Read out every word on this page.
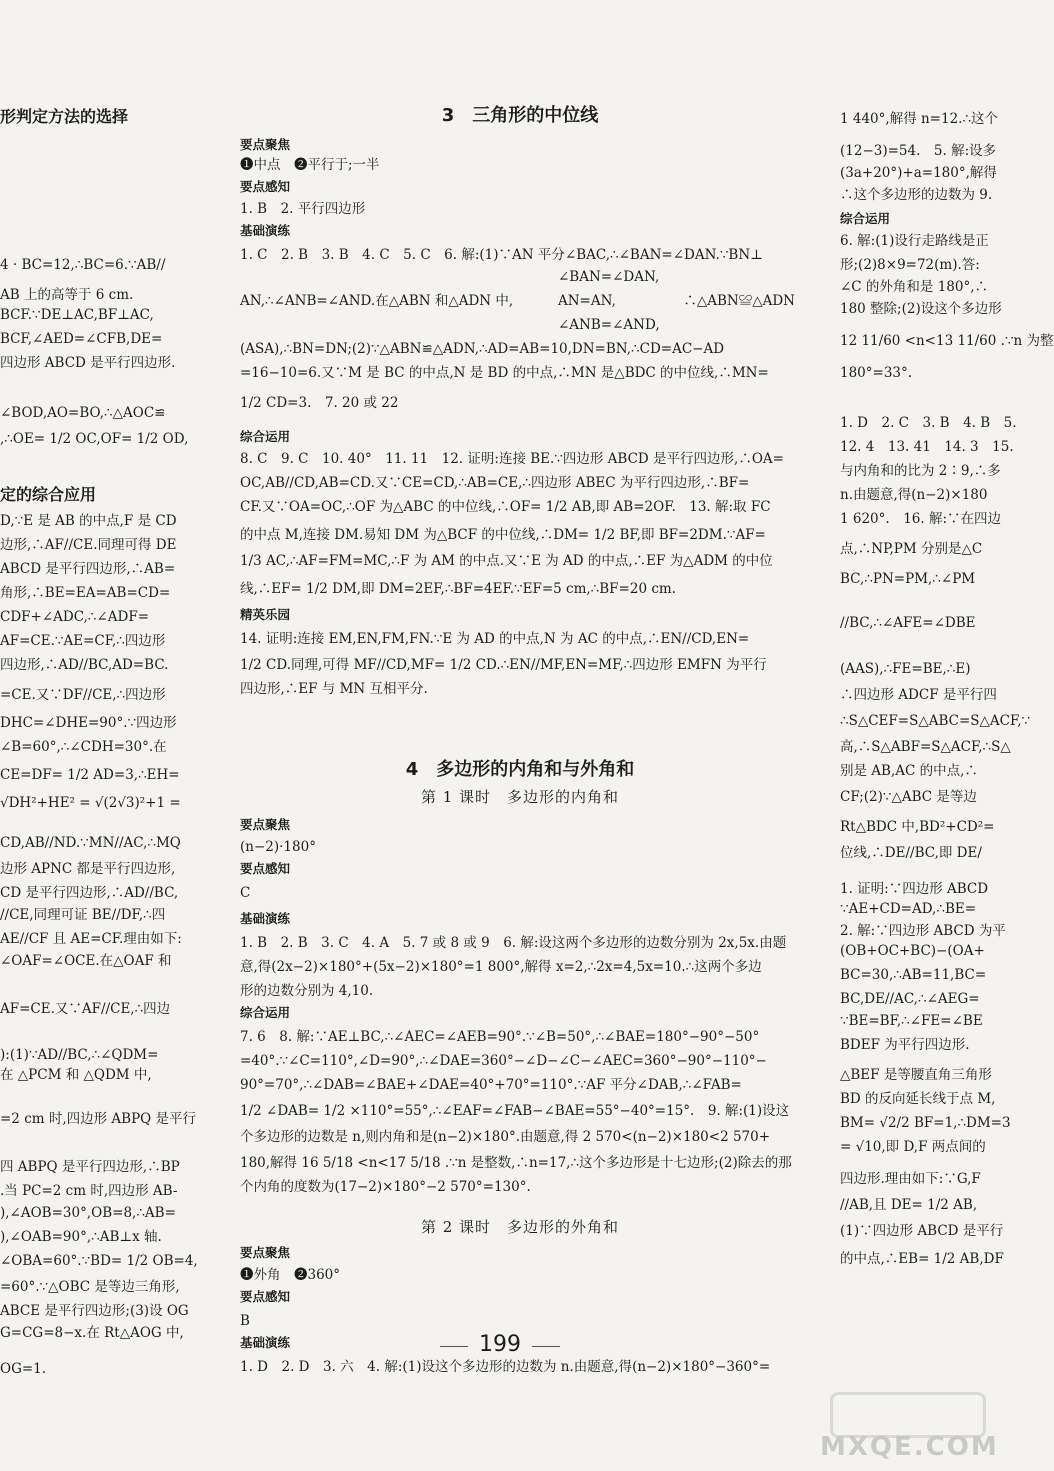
形判定方法的选择
4 · BC=12,∴BC=6.∵AB//
AB 上的高等于 6 cm.
BCF.∵DE⊥AC,BF⊥AC,
BCF,∠AED=∠CFB,DE=
四边形 ABCD 是平行四边形.
∠BOD,AO=BO,∴△AOC≌
,∴OE= 1/2 OC,OF= 1/2 OD,
定的综合应用
D,∵E 是 AB 的中点,F 是 CD
边形,∴AF//CE.同理可得 DE
ABCD 是平行四边形,∴AB=
角形,∴BE=EA=AB=CD=
CDF+∠ADC,∴∠ADF=
AF=CE.∵AE=CF,∴四边形
四边形,∴AD//BC,AD=BC.
=CE.又∵DF//CE,∴四边形
DHC=∠DHE=90°.∵四边形
∠B=60°,∴∠CDH=30°.在
CE=DF= 1/2 AD=3,∴EH=
√DH²+HE² = √(2√3)²+1 =
CD,AB//ND.∵MN//AC,∴MQ
边形 APNC 都是平行四边形,
CD 是平行四边形,∴AD//BC,
//CE,同理可证 BE//DF,∴四
AE//CF 且 AE=CF.理由如下:
∠OAF=∠OCE.在△OAF 和
AF=CE.又∵AF//CE,∴四边
):(1)∵AD//BC,∴∠QDM=
在 △PCM 和 △QDM 中,
=2 cm 时,四边形 ABPQ 是平行
四 ABPQ 是平行四边形,∴BP
.当 PC=2 cm 时,四边形 AB-
),∠AOB=30°,OB=8,∴AB=
),∠OAB=90°,∴AB⊥x 轴.
∠OBA=60°.∵BD= 1/2 OB=4,
=60°.∵△OBC 是等边三角形,
ABCE 是平行四边形;(3)设 OG
G=CG=8−x.在 Rt△AOG 中,
OG=1.
3　三角形的中位线
要点聚焦
❶中点　❷平行于;一半
要点感知
1. B　2. 平行四边形
基础演练
1. C　2. B　3. B　4. C　5. C　6. 解:(1)∵AN 平分∠BAC,∴∠BAN=∠DAN.∵BN⊥
∠BAN=∠DAN,
AN,∴∠ANB=∠AND.在△ABN 和△ADN 中,	AN=AN,　　　　　∴△ABN≌△ADN
∠ANB=∠AND,
(ASA),∴BN=DN;(2)∵△ABN≌△ADN,∴AD=AB=10,DN=BN,∴CD=AC−AD
=16−10=6.又∵M 是 BC 的中点,N 是 BD 的中点,∴MN 是△BDC 的中位线,∴MN=
1/2 CD=3.　7. 20 或 22
综合运用
8. C　9. C　10. 40°　11. 11　12. 证明:连接 BE.∵四边形 ABCD 是平行四边形,∴OA=
OC,AB//CD,AB=CD.又∵CE=CD,∴AB=CE,∴四边形 ABEC 为平行四边形,∴BF=
CF.又∵OA=OC,∴OF 为△ABC 的中位线,∴OF= 1/2 AB,即 AB=2OF.　13. 解:取 FC
的中点 M,连接 DM.易知 DM 为△BCF 的中位线,∴DM= 1/2 BF,即 BF=2DM.∵AF=
1/3 AC,∴AF=FM=MC,∴F 为 AM 的中点.又∵E 为 AD 的中点,∴EF 为△ADM 的中位
线,∴EF= 1/2 DM,即 DM=2EF,∴BF=4EF.∵EF=5 cm,∴BF=20 cm.
精英乐园
14. 证明:连接 EM,EN,FM,FN.∵E 为 AD 的中点,N 为 AC 的中点,∴EN//CD,EN=
1/2 CD.同理,可得 MF//CD,MF= 1/2 CD.∴EN//MF,EN=MF,∴四边形 EMFN 为平行
四边形,∴EF 与 MN 互相平分.
4　多边形的内角和与外角和
第 1 课时　多边形的内角和
要点聚焦
(n−2)·180°
要点感知
C
基础演练
1. B　2. B　3. C　4. A　5. 7 或 8 或 9　6. 解:设这两个多边形的边数分别为 2x,5x.由题
意,得(2x−2)×180°+(5x−2)×180°=1 800°,解得 x=2,∴2x=4,5x=10.∴这两个多边
形的边数分别为 4,10.
综合运用
7. 6　8. 解:∵AE⊥BC,∴∠AEC=∠AEB=90°.∵∠B=50°,∴∠BAE=180°−90°−50°
=40°.∵∠C=110°,∠D=90°,∴∠DAE=360°−∠D−∠C−∠AEC=360°−90°−110°−
90°=70°,∴∠DAB=∠BAE+∠DAE=40°+70°=110°.∵AF 平分∠DAB,∴∠FAB=
1/2 ∠DAB= 1/2 ×110°=55°,∴∠EAF=∠FAB−∠BAE=55°−40°=15°.　9. 解:(1)设这
个多边形的边数是 n,则内角和是(n−2)×180°.由题意,得 2 570<(n−2)×180<2 570+
180,解得 16 5/18 <n<17 5/18 .∵n 是整数,∴n=17,∴这个多边形是十七边形;(2)除去的那
个内角的度数为(17−2)×180°−2 570°=130°.
第 2 课时　多边形的外角和
要点聚焦
❶外角　❷360°
要点感知
B
基础演练
1. D　2. D　3. 六　4. 解:(1)设这个多边形的边数为 n.由题意,得(n−2)×180°−360°=
1 440°,解得 n=12.∴这个
(12−3)=54.　5. 解:设多
(3a+20°)+a=180°,解得
∴这个多边形的边数为 9.
综合运用
6. 解:(1)设行走路线是正
形;(2)8×9=72(m).答:
∠C 的外角和是 180°,∴
180 整除;(2)设这个多边形
12 11/60 <n<13 11/60 .∵n 为整
180°=33°.
1. D　2. C　3. B　4. B　5.
12. 4　13. 41　14. 3　15.
与内角和的比为 2∶9,∴多
n.由题意,得(n−2)×180
1 620°.　16. 解:∵在四边
点,∴NP,PM 分别是△C
BC,∴PN=PM,∴∠PM
//BC,∴∠AFE=∠DBE
(AAS),∴FE=BE,∴E)
∴四边形 ADCF 是平行四
∴S△CEF=S△ABC=S△ACF,∵
高,∴S△ABF=S△ACF,∴S△
别是 AB,AC 的中点,∴
CF;(2)∵△ABC 是等边
Rt△BDC 中,BD²+CD²=
位线,∴DE//BC,即 DE/
1. 证明:∵四边形 ABCD
∵AE+CD=AD,∴BE=
2. 解:∵四边形 ABCD 为平
(OB+OC+BC)−(OA+
BC=30,∴AB=11,BC=
BC,DE//AC,∴∠AEG=
∵BE=BF,∴∠FE=∠BE
BDEF 为平行四边形.
△BEF 是等腰直角三角形
BD 的反向延长线于点 M,
BM= √2/2 BF=1,∴DM=3
= √10,即 D,F 两点间的
四边形.理由如下:∵G,F
//AB,且 DE= 1/2 AB,
(1)∵四边形 ABCD 是平行
的中点,∴EB= 1/2 AB,DF
199
MXQE.COM
